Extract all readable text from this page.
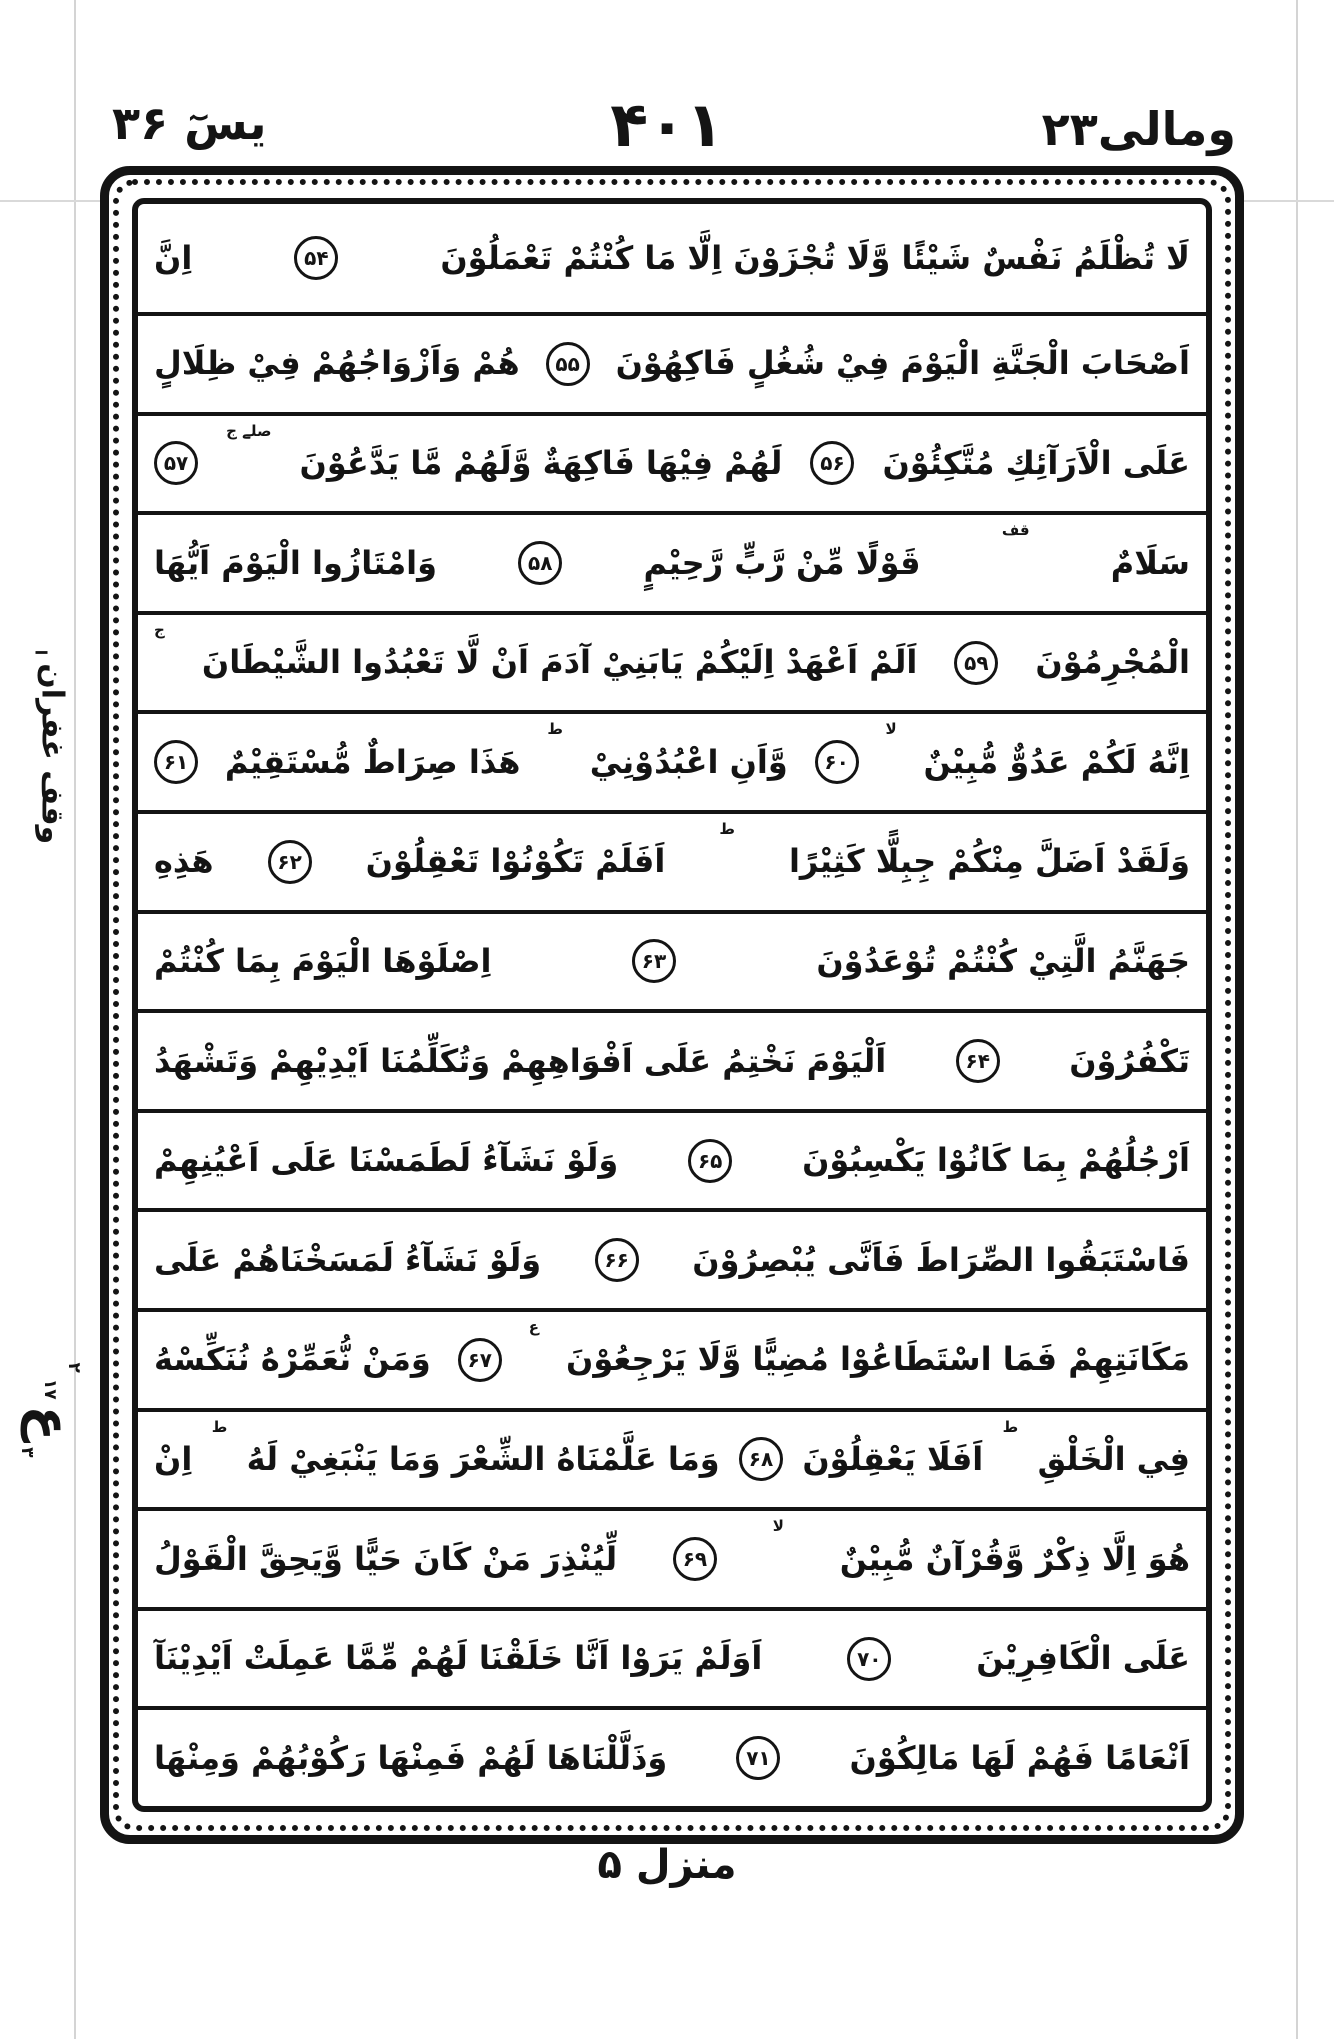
ومالی۲۳
۴۰۱
یسٓ ۳۶
لَا تُظْلَمُ نَفْسٌ شَيْئًا وَّلَا تُجْزَوْنَ اِلَّا مَا كُنْتُمْ تَعْمَلُوْنَ
۵۴
اِنَّ
اَصْحَابَ الْجَنَّةِ الْيَوْمَ فِيْ شُغُلٍ فَاكِهُوْنَ
۵۵
هُمْ وَاَزْوَاجُهُمْ فِيْ ظِلَالٍ
عَلَى الْاَرَآئِكِ مُتَّكِئُوْنَ
۵۶
لَهُمْ فِيْهَا فَاكِهَةٌ وَّلَهُمْ مَّا يَدَّعُوْنَ
صلے ج
۵۷
سَلَامٌ
قف
قَوْلًا مِّنْ رَّبٍّ رَّحِيْمٍ
۵۸
وَامْتَازُوا الْيَوْمَ اَيُّهَا
الْمُجْرِمُوْنَ
۵۹
اَلَمْ اَعْهَدْ اِلَيْكُمْ يَابَنِيْ آدَمَ اَنْ لَّا تَعْبُدُوا الشَّيْطَانَ
ج
اِنَّهُ لَكُمْ عَدُوٌّ مُّبِيْنٌ
لا
۶۰
وَّاَنِ اعْبُدُوْنِيْ
ط
هَذَا صِرَاطٌ مُّسْتَقِيْمٌ
۶۱
وَلَقَدْ اَضَلَّ مِنْكُمْ جِبِلًّا كَثِيْرًا
ط
اَفَلَمْ تَكُوْنُوْا تَعْقِلُوْنَ
۶۲
هَذِهِ
جَهَنَّمُ الَّتِيْ كُنْتُمْ تُوْعَدُوْنَ
۶۳
اِصْلَوْهَا الْيَوْمَ بِمَا كُنْتُمْ
تَكْفُرُوْنَ
۶۴
اَلْيَوْمَ نَخْتِمُ عَلَى اَفْوَاهِهِمْ وَتُكَلِّمُنَا اَيْدِيْهِمْ وَتَشْهَدُ
اَرْجُلُهُمْ بِمَا كَانُوْا يَكْسِبُوْنَ
۶۵
وَلَوْ نَشَآءُ لَطَمَسْنَا عَلَى اَعْيُنِهِمْ
فَاسْتَبَقُوا الصِّرَاطَ فَاَنَّى يُبْصِرُوْنَ
۶۶
وَلَوْ نَشَآءُ لَمَسَخْنَاهُمْ عَلَى
مَكَانَتِهِمْ فَمَا اسْتَطَاعُوْا مُضِيًّا وَّلَا يَرْجِعُوْنَ
ع
۶۷
وَمَنْ نُّعَمِّرْهُ نُنَكِّسْهُ
فِي الْخَلْقِ
ط
اَفَلَا يَعْقِلُوْنَ
۶۸
وَمَا عَلَّمْنَاهُ الشِّعْرَ وَمَا يَنْبَغِيْ لَهُ
ط
اِنْ
هُوَ اِلَّا ذِكْرٌ وَّقُرْآنٌ مُّبِيْنٌ
لا
۶۹
لِّيُنْذِرَ مَنْ كَانَ حَيًّا وَّيَحِقَّ الْقَوْلُ
عَلَى الْكَافِرِيْنَ
۷۰
اَوَلَمْ يَرَوْا اَنَّا خَلَقْنَا لَهُمْ مِّمَّا عَمِلَتْ اَيْدِيْنَآ
اَنْعَامًا فَهُمْ لَهَا مَالِكُوْنَ
۷۱
وَذَلَّلْنَاهَا لَهُمْ فَمِنْهَا رَكُوْبُهُمْ وَمِنْهَا
وقف غفران
ا
۳
ع
۱۷
۲
منزل ۵
